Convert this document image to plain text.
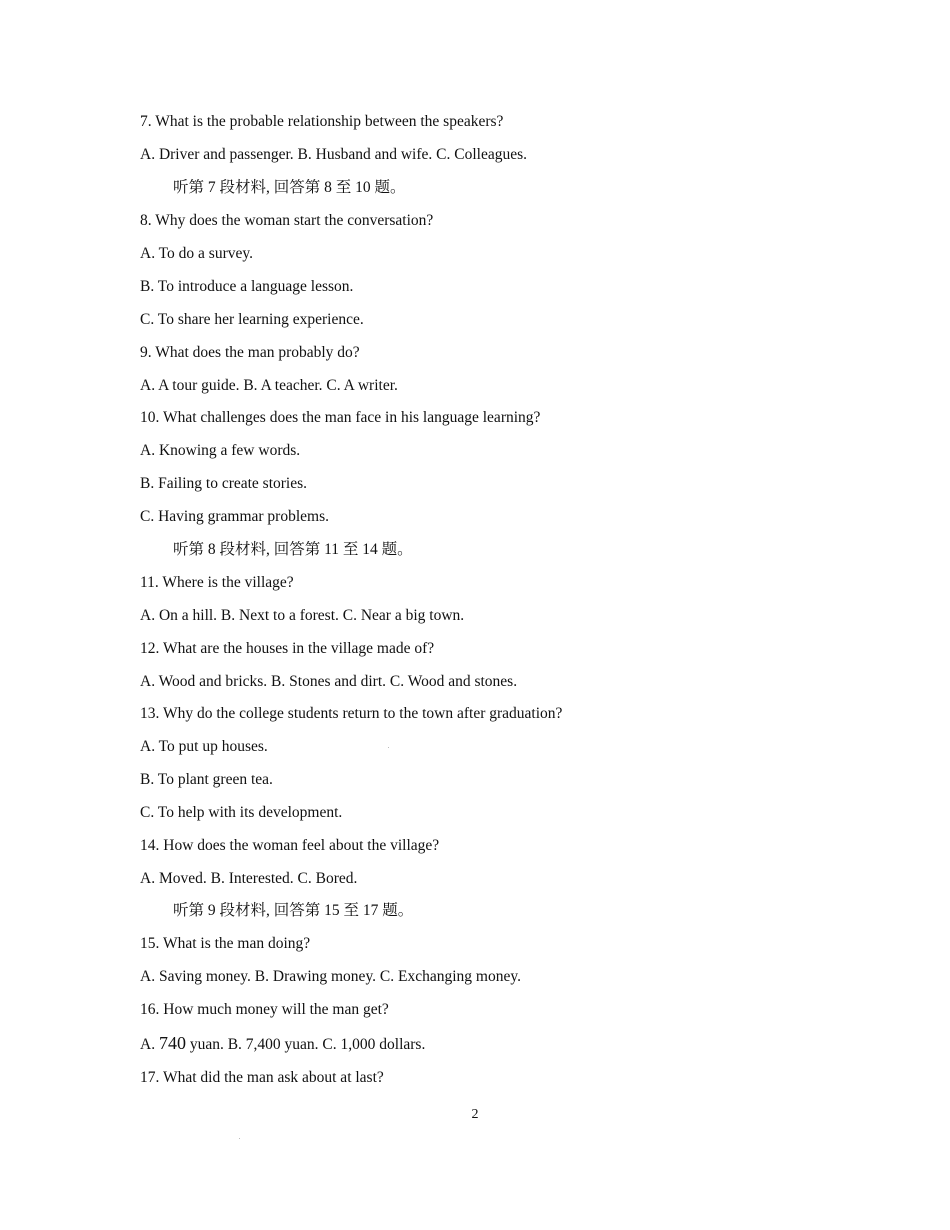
7. What is the probable relationship between the speakers?
A. Driver and passenger. B. Husband and wife. C. Colleagues.
听第 7 段材料, 回答第 8 至 10 题。
8. Why does the woman start the conversation?
A. To do a survey.
B. To introduce a language lesson.
C. To share her learning experience.
9. What does the man probably do?
A. A tour guide. B. A teacher. C. A writer.
10. What challenges does the man face in his language learning?
A. Knowing a few words.
B. Failing to create stories.
C. Having grammar problems.
听第 8 段材料, 回答第 11 至 14 题。
11. Where is the village?
A. On a hill. B. Next to a forest. C. Near a big town.
12. What are the houses in the village made of?
A. Wood and bricks. B. Stones and dirt. C. Wood and stones.
13. Why do the college students return to the town after graduation?
A. To put up houses.
B. To plant green tea.
C. To help with its development.
14. How does the woman feel about the village?
A. Moved. B. Interested. C. Bored.
听第 9 段材料, 回答第 15 至 17 题。
15. What is the man doing?
A. Saving money. B. Drawing money. C. Exchanging money.
16. How much money will the man get?
A. 740 yuan. B. 7,400 yuan. C. 1,000 dollars.
17. What did the man ask about at last?
2
